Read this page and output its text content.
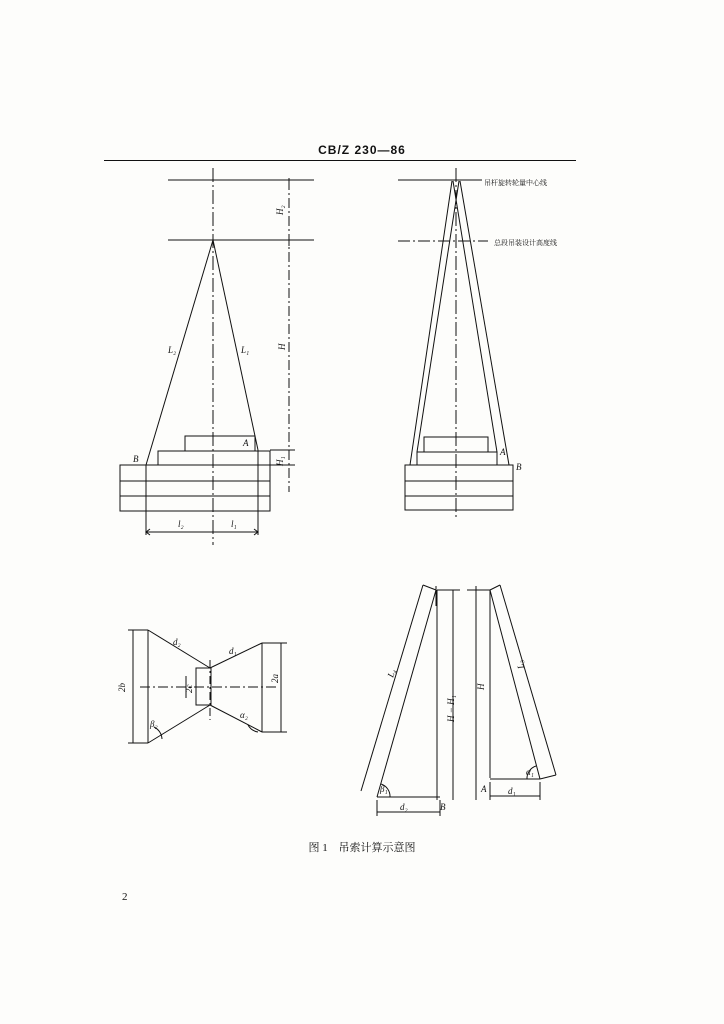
CB/Z 230—86
H₂
H
H₁
L₂	L₁
A
B
l₂	l₁
A
B
2b
2a
2c
d₂
d₁
β₂
α₂
L₄
H − H₁
H
L₃
β₁
α₁
d₂
d₁
B
A
吊杆旋转轮量中心线
总段吊装设计高度线
图 1 吊索计算示意图
2
